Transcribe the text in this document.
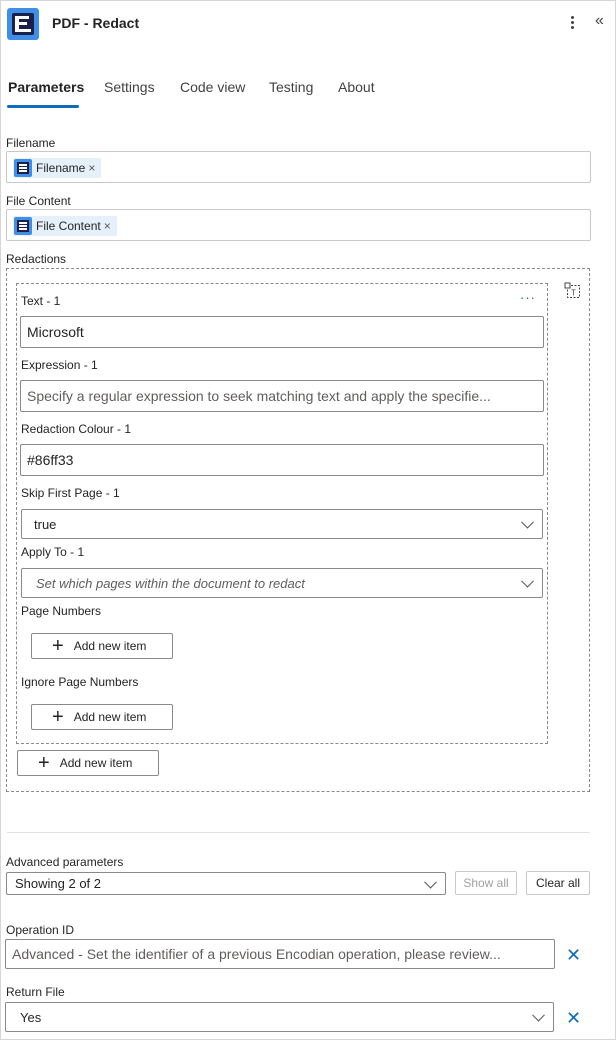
PDF - Redact	«
Parameters Settings Code view Testing About
Filename
Filename ×
File Content
File Content ×
Redactions
T
···
Text - 1
Microsoft
Expression - 1
Specify a regular expression to seek matching text and apply the specifie...
Redaction Colour - 1
#86ff33
Skip First Page - 1
true
Apply To - 1
Set which pages within the document to redact
Page Numbers
+ Add new item
Ignore Page Numbers
+ Add new item
+ Add new item
Advanced parameters
Showing 2 of 2	Show all	Clear all
Operation ID
Advanced - Set the identifier of a previous Encodian operation, please review...	✕
Return File
Yes	✕
